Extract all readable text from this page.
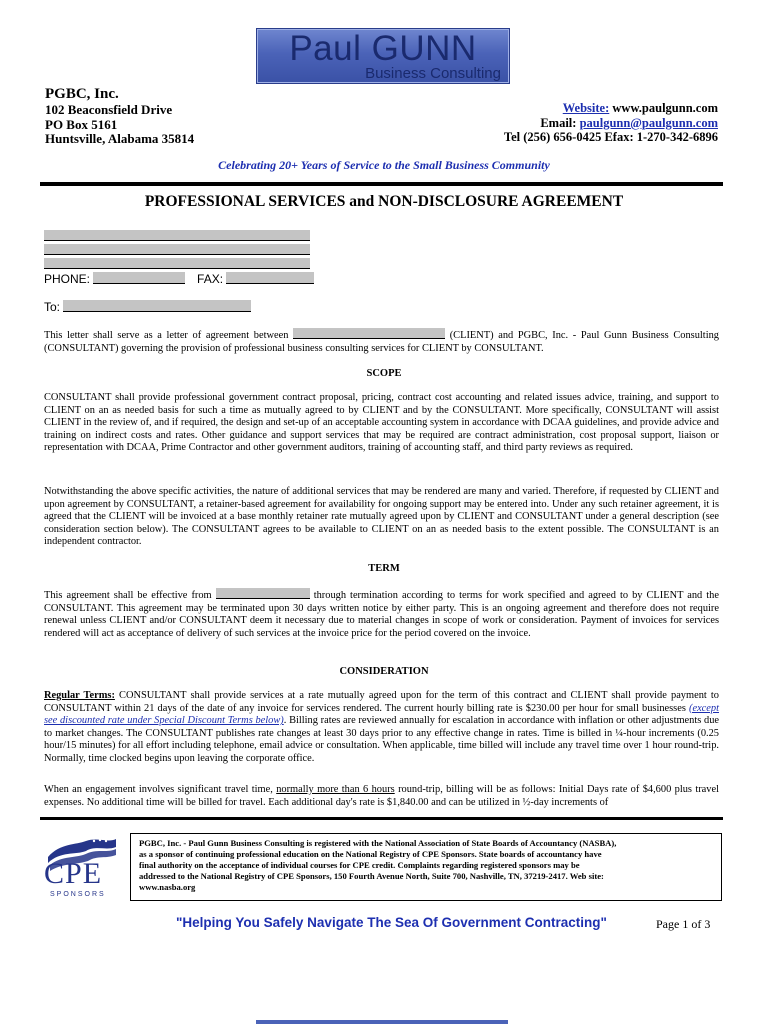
Paul GUNN
Business Consulting
PGBC, Inc.
102 Beaconsfield Drive
PO Box 5161
Huntsville, Alabama 35814
Website: www.paulgunn.com
Email: paulgunn@paulgunn.com
Tel (256) 656-0425 Efax: 1-270-342-6896
Celebrating 20+ Years of Service to the Small Business Community
PROFESSIONAL SERVICES and NON-DISCLOSURE AGREEMENT
PHONE:	FAX:
To:
This letter shall serve as a letter of agreement between	(CLIENT) and PGBC, Inc. - Paul Gunn Business Consulting (CONSULTANT) governing the provision of professional business consulting services for CLIENT by CONSULTANT.
SCOPE
CONSULTANT shall provide professional government contract proposal, pricing, contract cost accounting and related issues advice, training, and support to CLIENT on an as needed basis for such a time as mutually agreed to by CLIENT and by the CONSULTANT. More specifically, CONSULTANT will assist CLIENT in the review of, and if required, the design and set-up of an acceptable accounting system in accordance with DCAA guidelines, and provide advice and training on indirect costs and rates. Other guidance and support services that may be required are contract administration, cost proposal support, liaison or representation with DCAA, Prime Contractor and other government auditors, training of accounting staff, and third party reviews as required.
Notwithstanding the above specific activities, the nature of additional services that may be rendered are many and varied. Therefore, if requested by CLIENT and upon agreement by CONSULTANT, a retainer-based agreement for availability for ongoing support may be entered into. Under any such retainer agreement, it is agreed that the CLIENT will be invoiced at a base monthly retainer rate mutually agreed upon by CLIENT and CONSULTANT under a general description (see consideration section below). The CONSULTANT agrees to be available to CLIENT on an as needed basis to the extent possible. The CONSULTANT is an independent contractor.
TERM
This agreement shall be effective from	through termination according to terms for work specified and agreed to by CLIENT and the CONSULTANT. This agreement may be terminated upon 30 days written notice by either party. This is an ongoing agreement and therefore does not require renewal unless CLIENT and/or CONSULTANT deem it necessary due to material changes in scope of work or consideration. Payment of invoices for services rendered will act as acceptance of delivery of such services at the invoice price for the period covered on the invoice.
CONSIDERATION
Regular Terms: CONSULTANT shall provide services at a rate mutually agreed upon for the term of this contract and CLIENT shall provide payment to CONSULTANT within 21 days of the date of any invoice for services rendered. The current hourly billing rate is $230.00 per hour for small businesses (except see discounted rate under Special Discount Terms below). Billing rates are reviewed annually for escalation in accordance with inflation or other adjustments due to market changes. The CONSULTANT publishes rate changes at least 30 days prior to any effective change in rates. Time is billed in ¼-hour increments (0.25 hour/15 minutes) for all effort including telephone, email advice or consultation. When applicable, time billed will include any travel time over 1 hour round-trip. Normally, time clocked begins upon leaving the corporate office.
When an engagement involves significant travel time, normally more than 6 hours round-trip, billing will be as follows: Initial Days rate of $4,600 plus travel expenses. No additional time will be billed for travel. Each additional day's rate is $1,840.00 and can be utilized in ½-day increments of
CPE
SPONSORS
PGBC, Inc. - Paul Gunn Business Consulting is registered with the National Association of State Boards of Accountancy (NASBA), as a sponsor of continuing professional education on the National Registry of CPE Sponsors. State boards of accountancy have final authority on the acceptance of individual courses for CPE credit. Complaints regarding registered sponsors may be addressed to the National Registry of CPE Sponsors, 150 Fourth Avenue North, Suite 700, Nashville, TN, 37219-2417. Web site: www.nasba.org
"Helping You Safely Navigate The Sea Of Government Contracting"	Page 1 of 3
